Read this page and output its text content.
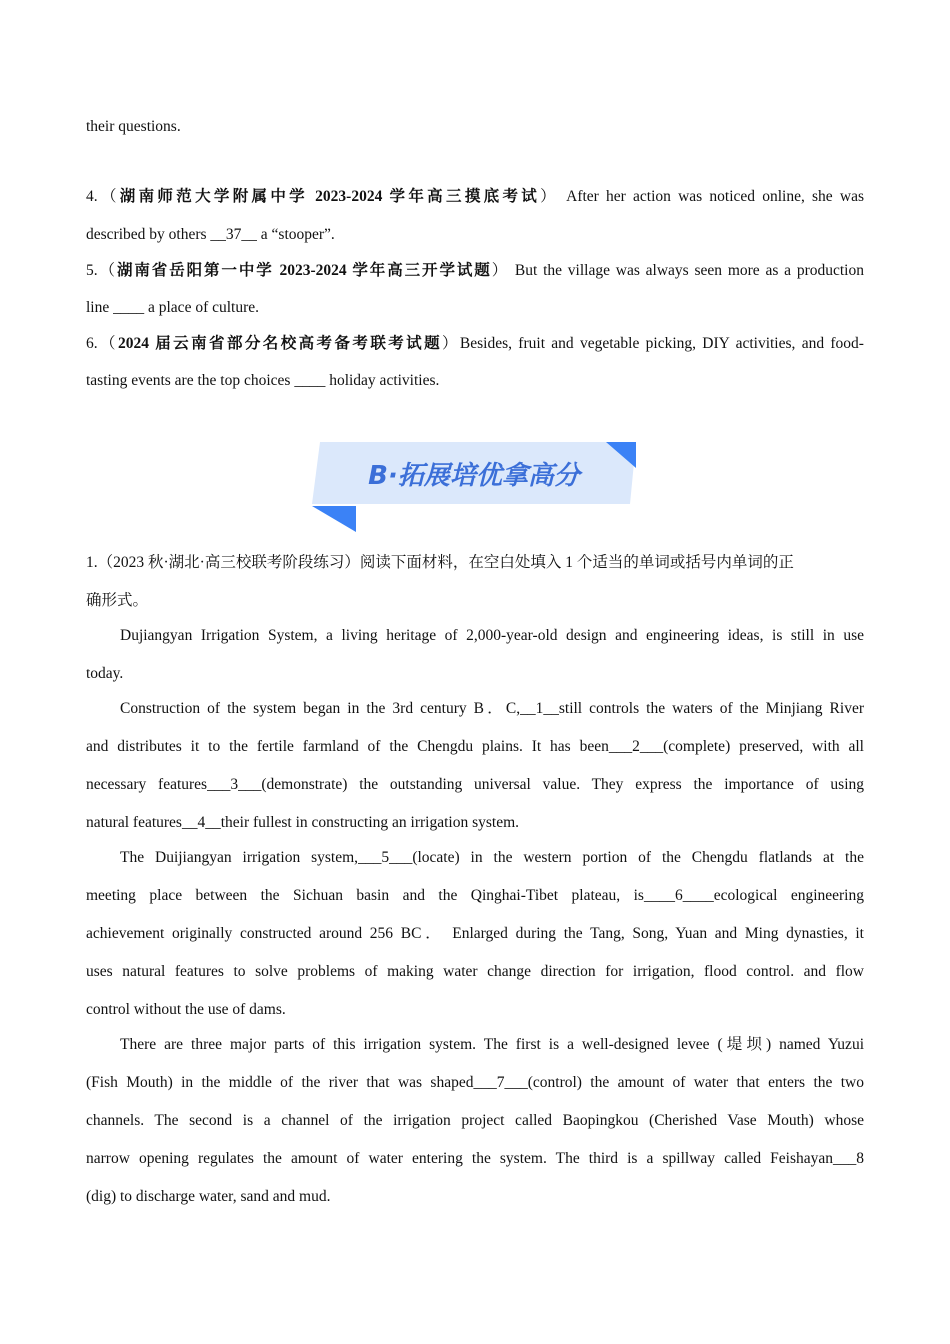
their questions.
4.（湖南师范大学附属中学 2023-2024 学年高三摸底考试） After her action was noticed online, she was
described by others __37__ a “stooper”.
5.（湖南省岳阳第一中学 2023-2024 学年高三开学试题） But the village was always seen more as a production
line ____ a place of culture.
6.（2024 届云南省部分名校高考备考联考试题）Besides, fruit and vegetable picking, DIY activities, and food-
tasting events are the top choices ____ holiday activities.
1.（2023 秋·湖北·高三校联考阶段练习）阅读下面材料，在空白处填入 1 个适当的单词或括号内单词的正
确形式。
Dujiangyan Irrigation System, a living heritage of 2,000-year-old design and engineering ideas, is still in use
today.
Construction of the system began in the 3rd century B．C,__1__still controls the waters of the Minjiang River
and distributes it to the fertile farmland of the Chengdu plains. It has been___2___(complete) preserved, with all
necessary features___3___(demonstrate) the outstanding universal value. They express the importance of using
natural features__4__their fullest in constructing an irrigation system.
The Duijiangyan irrigation system,___5___(locate) in the western portion of the Chengdu flatlands at the
meeting place between the Sichuan basin and the Qinghai-Tibet plateau, is____6____ecological engineering
achievement originally constructed around 256 BC． Enlarged during the Tang, Song, Yuan and Ming dynasties, it
uses natural features to solve problems of making water change direction for irrigation, flood control. and flow
control without the use of dams.
There are three major parts of this irrigation system. The first is a well-designed levee (堤坝) named Yuzui
(Fish Mouth) in the middle of the river that was shaped___7___(control) the amount of water that enters the two
channels. The second is a channel of the irrigation project called Baopingkou (Cherished Vase Mouth) whose
narrow opening regulates the amount of water entering the system. The third is a spillway called Feishayan___8
(dig) to discharge water, sand and mud.
B·拓展培优拿高分
